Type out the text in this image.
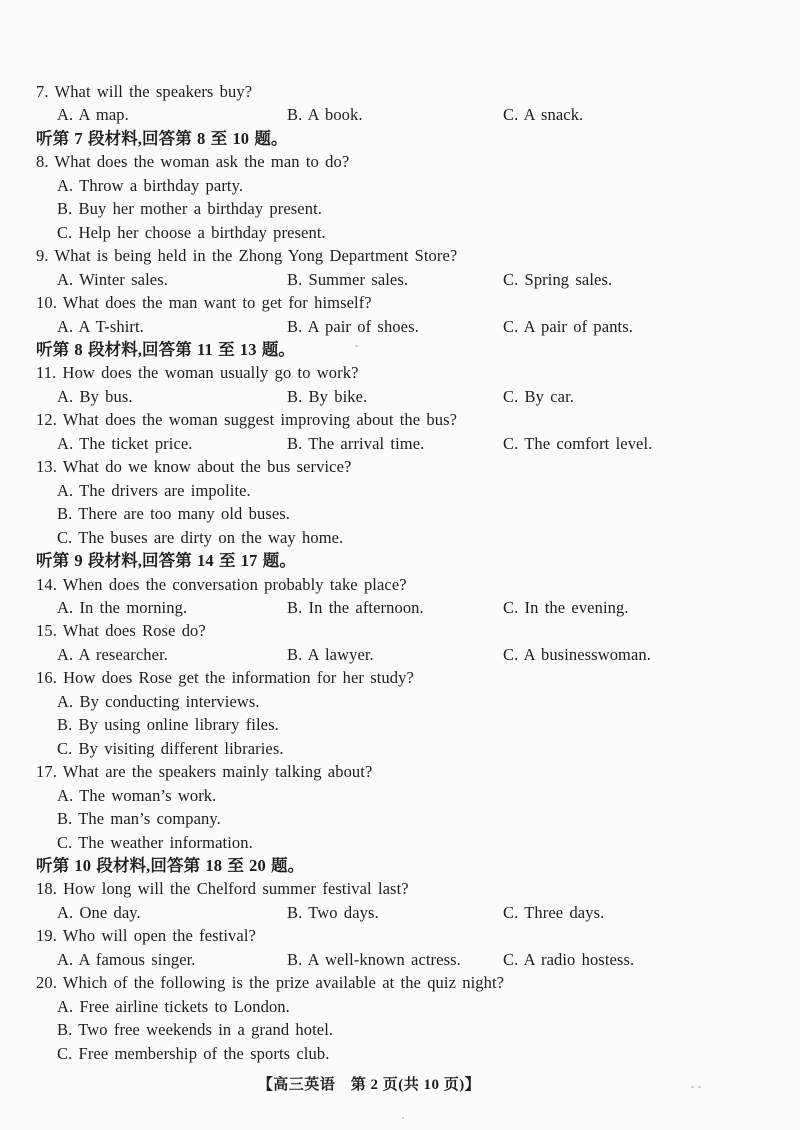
7. What will the speakers buy?
A. A map.	B. A book.	C. A snack.
听第 7 段材料,回答第 8 至 10 题。
8. What does the woman ask the man to do?
A. Throw a birthday party.
B. Buy her mother a birthday present.
C. Help her choose a birthday present.
9. What is being held in the Zhong Yong Department Store?
A. Winter sales.	B. Summer sales.	C. Spring sales.
10. What does the man want to get for himself?
A. A T-shirt.	B. A pair of shoes.	C. A pair of pants.
听第 8 段材料,回答第 11 至 13 题。
11. How does the woman usually go to work?
A. By bus.	B. By bike.	C. By car.
12. What does the woman suggest improving about the bus?
A. The ticket price.	B. The arrival time.	C. The comfort level.
13. What do we know about the bus service?
A. The drivers are impolite.
B. There are too many old buses.
C. The buses are dirty on the way home.
听第 9 段材料,回答第 14 至 17 题。
14. When does the conversation probably take place?
A. In the morning.	B. In the afternoon.	C. In the evening.
15. What does Rose do?
A. A researcher.	B. A lawyer.	C. A businesswoman.
16. How does Rose get the information for her study?
A. By conducting interviews.
B. By using online library files.
C. By visiting different libraries.
17. What are the speakers mainly talking about?
A. The woman’s work.
B. The man’s company.
C. The weather information.
听第 10 段材料,回答第 18 至 20 题。
18. How long will the Chelford summer festival last?
A. One day.	B. Two days.	C. Three days.
19. Who will open the festival?
A. A famous singer.	B. A well-known actress.	C. A radio hostess.
20. Which of the following is the prize available at the quiz night?
A. Free airline tickets to London.
B. Two free weekends in a grand hotel.
C. Free membership of the sports club.
【高三英语　第 2 页(共 10 页)】
